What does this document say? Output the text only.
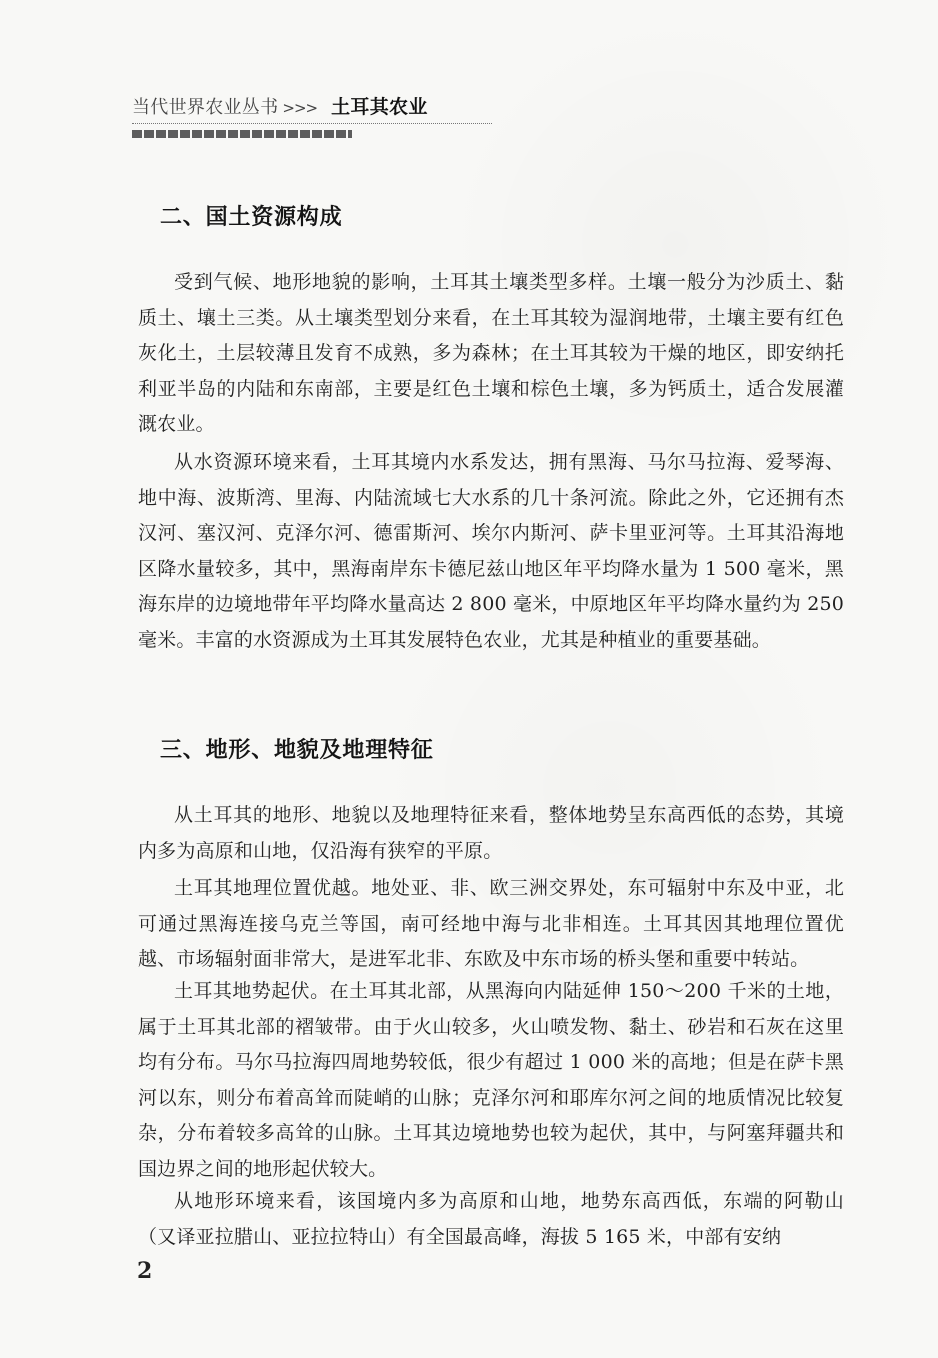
当代世界农业丛书 >>> 土耳其农业
二、国土资源构成
受到气候、地形地貌的影响，土耳其土壤类型多样。土壤一般分为沙质土、黏质土、壤土三类。从土壤类型划分来看，在土耳其较为湿润地带，土壤主要有红色灰化土，土层较薄且发育不成熟，多为森林；在土耳其较为干燥的地区，即安纳托利亚半岛的内陆和东南部，主要是红色土壤和棕色土壤，多为钙质土，适合发展灌溉农业。
从水资源环境来看，土耳其境内水系发达，拥有黑海、马尔马拉海、爱琴海、地中海、波斯湾、里海、内陆流域七大水系的几十条河流。除此之外，它还拥有杰汉河、塞汉河、克泽尔河、德雷斯河、埃尔内斯河、萨卡里亚河等。土耳其沿海地区降水量较多，其中，黑海南岸东卡德尼兹山地区年平均降水量为 1 500 毫米，黑海东岸的边境地带年平均降水量高达 2 800 毫米，中原地区年平均降水量约为 250 毫米。丰富的水资源成为土耳其发展特色农业，尤其是种植业的重要基础。
三、地形、地貌及地理特征
从土耳其的地形、地貌以及地理特征来看，整体地势呈东高西低的态势，其境内多为高原和山地，仅沿海有狭窄的平原。
土耳其地理位置优越。地处亚、非、欧三洲交界处，东可辐射中东及中亚，北可通过黑海连接乌克兰等国，南可经地中海与北非相连。土耳其因其地理位置优越、市场辐射面非常大，是进军北非、东欧及中东市场的桥头堡和重要中转站。
土耳其地势起伏。在土耳其北部，从黑海向内陆延伸 150～200 千米的土地，属于土耳其北部的褶皱带。由于火山较多，火山喷发物、黏土、砂岩和石灰在这里均有分布。马尔马拉海四周地势较低，很少有超过 1 000 米的高地；但是在萨卡黑河以东，则分布着高耸而陡峭的山脉；克泽尔河和耶库尔河之间的地质情况比较复杂，分布着较多高耸的山脉。土耳其边境地势也较为起伏，其中，与阿塞拜疆共和国边界之间的地形起伏较大。
从地形环境来看，该国境内多为高原和山地，地势东高西低，东端的阿勒山（又译亚拉腊山、亚拉拉特山）有全国最高峰，海拔 5 165 米，中部有安纳
2
